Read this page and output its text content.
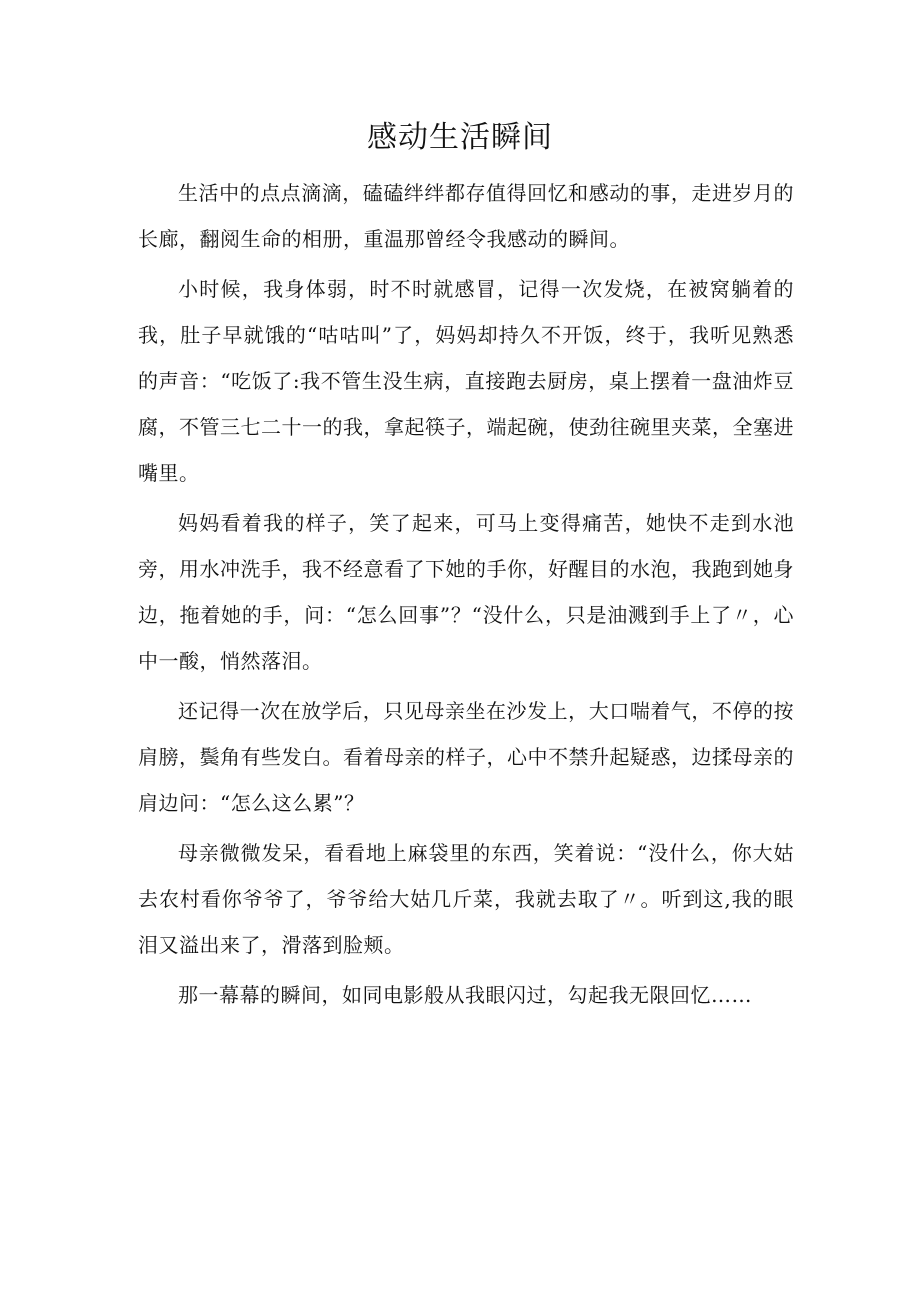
感动生活瞬间

生活中的点点滴滴，磕磕绊绊都存值得回忆和感动的事，走进岁月的长廊，翻阅生命的相册，重温那曾经令我感动的瞬间。

小时候，我身体弱，时不时就感冒，记得一次发烧，在被窝躺着的我，肚子早就饿的“咕咕叫”了，妈妈却持久不开饭，终于，我听见熟悉的声音：“吃饭了:我不管生没生病，直接跑去厨房，桌上摆着一盘油炸豆腐，不管三七二十一的我，拿起筷子，端起碗，使劲往碗里夹菜，全塞进嘴里。

妈妈看着我的样子，笑了起来，可马上变得痛苦，她快不走到水池旁，用水冲洗手，我不经意看了下她的手你，好醒目的水泡，我跑到她身边，拖着她的手，问：“怎么回事”？“没什么，只是油溅到手上了〃，心中一酸，悄然落泪。

还记得一次在放学后，只见母亲坐在沙发上，大口喘着气，不停的按肩膀，鬓角有些发白。看着母亲的样子，心中不禁升起疑惑，边揉母亲的肩边问：“怎么这么累”？

母亲微微发呆，看看地上麻袋里的东西，笑着说：“没什么，你大姑去农村看你爷爷了，爷爷给大姑几斤菜，我就去取了〃。听到这,我的眼泪又溢出来了，滑落到脸颊。

那一幕幕的瞬间，如同电影般从我眼闪过，勾起我无限回忆……
